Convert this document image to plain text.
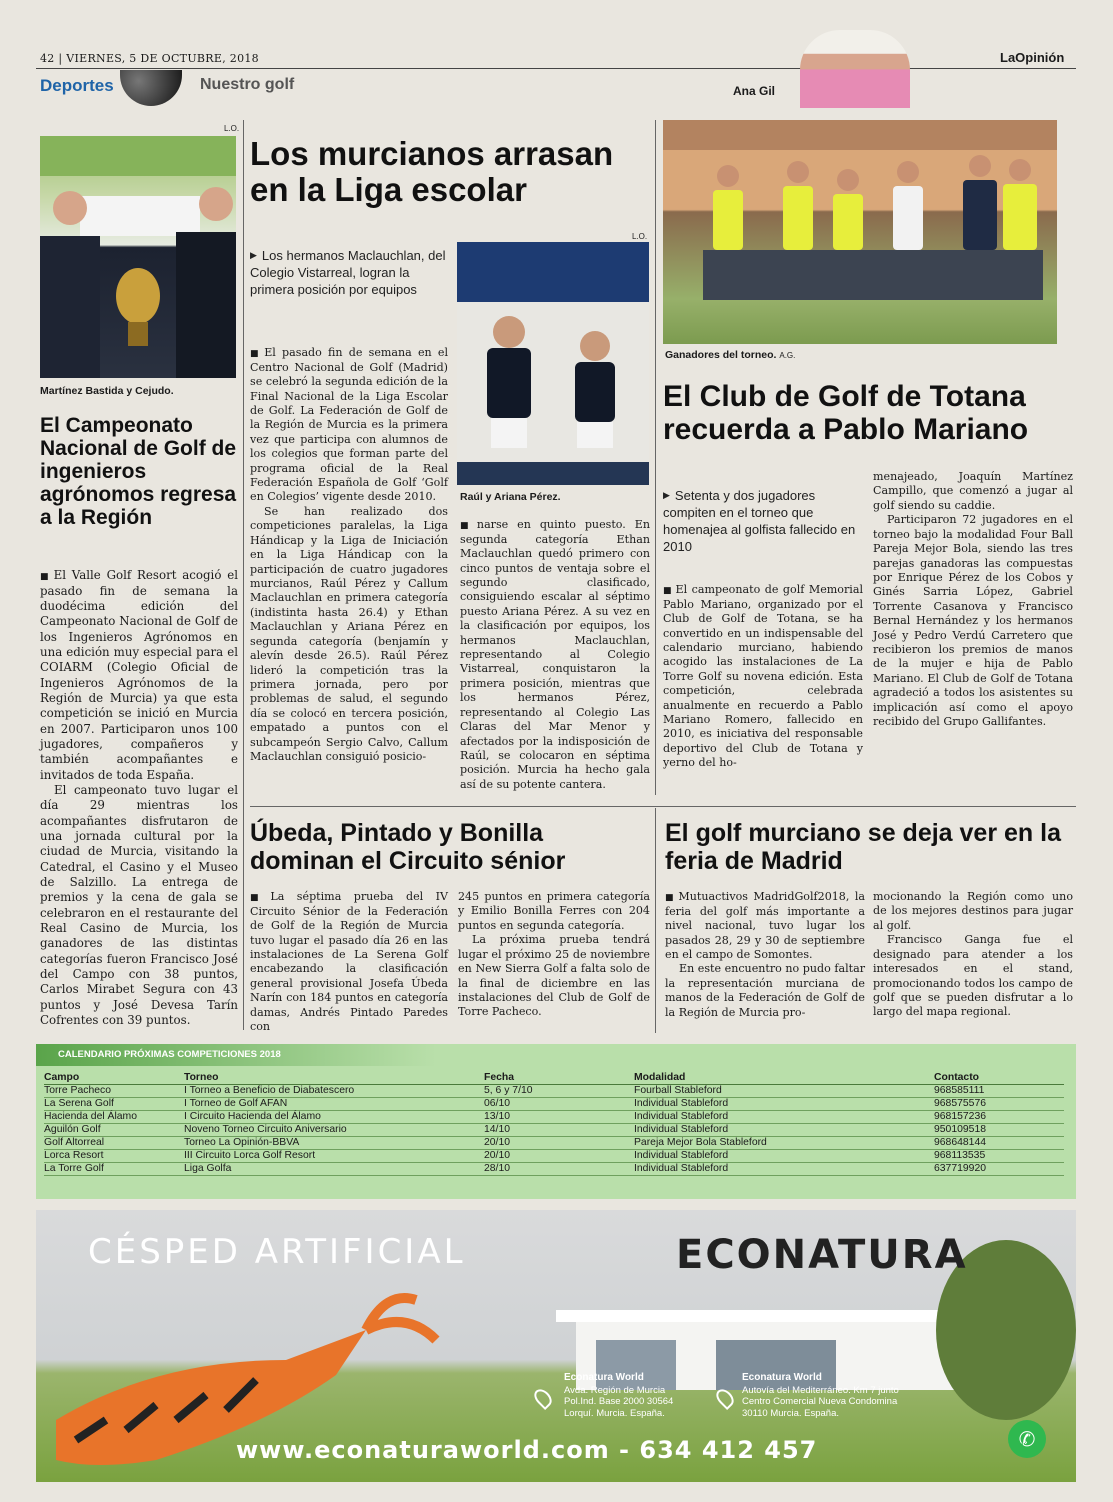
42 | VIERNES, 5 DE OCTUBRE, 2018	LaOpinión
Deportes	Nuestro golf	Ana Gil
L.O.
Martínez Bastida y Cejudo.
El Campeonato Nacional de Golf de ingenieros agrónomos regresa a la Región

■ El Valle Golf Resort acogió el pasado fin de semana la duodécima edición del Campeonato Nacional de Golf de los Ingenieros Agrónomos en una edición muy especial para el COIARM (Colegio Oficial de Ingenieros Agrónomos de la Región de Murcia) ya que esta competición se inició en Murcia en 2007. Participaron unos 100 jugadores, compañeros y también acompañantes e invitados de toda España.

El campeonato tuvo lugar el día 29 mientras los acompañantes disfrutaron de una jornada cultural por la ciudad de Murcia, visitando la Catedral, el Casino y el Museo de Salzillo. La entrega de premios y la cena de gala se celebraron en el restaurante del Real Casino de Murcia, los ganadores de las distintas categorías fueron Francisco José del Campo con 38 puntos, Carlos Mirabet Segura con 43 puntos y José Devesa Tarín Cofrentes con 39 puntos.

Los murcianos arrasan en la Liga escolar
▶ Los hermanos Maclauchlan, del Colegio Vistarreal, logran la primera posición por equipos
L.O.
Raúl y Ariana Pérez.

■ El pasado fin de semana en el Centro Nacional de Golf (Madrid) se celebró la segunda edición de la Final Nacional de la Liga Escolar de Golf. La Federación de Golf de la Región de Murcia es la primera vez que participa con alumnos de los colegios que forman parte del programa oficial de la Real Federación Española de Golf ‘Golf en Colegios’ vigente desde 2010.

Se han realizado dos competiciones paralelas, la Liga Hándicap y la Liga de Iniciación en la Liga Hándicap con la participación de cuatro jugadores murcianos, Raúl Pérez y Callum Maclauchlan en primera categoría (indistinta hasta 26.4) y Ethan Maclauchlan y Ariana Pérez en segunda categoría (benjamín y alevín desde 26.5). Raúl Pérez lideró la competición tras la primera jornada, pero por problemas de salud, el segundo día se colocó en tercera posición, empatado a puntos con el subcampeón Sergio Calvo, Callum Maclauchlan consiguió posicio-

■ narse en quinto puesto. En segunda categoría Ethan Maclauchlan quedó primero con cinco puntos de ventaja sobre el segundo clasificado, consiguiendo escalar al séptimo puesto Ariana Pérez. A su vez en la clasificación por equipos, los hermanos Maclauchlan, representando al Colegio Vistarreal, conquistaron la primera posición, mientras que los hermanos Pérez, representando al Colegio Las Claras del Mar Menor y afectados por la indisposición de Raúl, se colocaron en séptima posición. Murcia ha hecho gala así de su potente cantera.

Ganadores del torneo. A.G.
El Club de Golf de Totana recuerda a Pablo Mariano
▶ Setenta y dos jugadores compiten en el torneo que homenajea al golfista fallecido en 2010

■ El campeonato de golf Memorial Pablo Mariano, organizado por el Club de Golf de Totana, se ha convertido en un indispensable del calendario murciano, habiendo acogido las instalaciones de La Torre Golf su novena edición. Esta competición, celebrada anualmente en recuerdo a Pablo Mariano Romero, fallecido en 2010, es iniciativa del responsable deportivo del Club de Totana y yerno del ho-

menajeado, Joaquín Martínez Campillo, que comenzó a jugar al golf siendo su caddie.

Participaron 72 jugadores en el torneo bajo la modalidad Four Ball Pareja Mejor Bola, siendo las tres parejas ganadoras las compuestas por Enrique Pérez de los Cobos y Ginés Sarria López, Gabriel Torrente Casanova y Francisco Bernal Hernández y los hermanos José y Pedro Verdú Carretero que recibieron los premios de manos de la mujer e hija de Pablo Mariano. El Club de Golf de Totana agradeció a todos los asistentes su implicación así como el apoyo recibido del Grupo Gallifantes.

Úbeda, Pintado y Bonilla dominan el Circuito sénior

■ La séptima prueba del IV Circuito Sénior de la Federación de Golf de la Región de Murcia tuvo lugar el pasado día 26 en las instalaciones de La Serena Golf encabezando la clasificación general provisional Josefa Úbeda Narín con 184 puntos en categoría damas, Andrés Pintado Paredes con

245 puntos en primera categoría y Emilio Bonilla Ferres con 204 puntos en segunda categoría.

La próxima prueba tendrá lugar el próximo 25 de noviembre en New Sierra Golf a falta solo de la final de diciembre en las instalaciones del Club de Golf de Torre Pacheco.

El golf murciano se deja ver en la feria de Madrid

■ Mutuactivos MadridGolf2018, la feria del golf más importante a nivel nacional, tuvo lugar los pasados 28, 29 y 30 de septiembre en el campo de Somontes.

En este encuentro no pudo faltar la representación murciana de manos de la Federación de Golf de la Región de Murcia pro-

mocionando la Región como uno de los mejores destinos para jugar al golf.

Francisco Ganga fue el designado para atender a los interesados en el stand, promocionando todos los campo de golf que se pueden disfrutar a lo largo del mapa regional.

CALENDARIO PRÓXIMAS COMPETICIONES 2018
Campo	Torneo	Fecha	Modalidad	Contacto
Torre Pacheco	I Torneo a Beneficio de Diabatescero	5, 6 y 7/10	Fourball Stableford	968585111
La Serena Golf	I Torneo de Golf AFAN	06/10	Individual Stableford	968575576
Hacienda del Álamo	I Circuito Hacienda del Álamo	13/10	Individual Stableford	968157236
Aguilón Golf	Noveno Torneo Circuito Aniversario	14/10	Individual Stableford	950109518
Golf Altorreal	Torneo La Opinión-BBVA	20/10	Pareja Mejor Bola Stableford	968648144
Lorca Resort	III Circuito Lorca Golf Resort	20/10	Individual Stableford	968113535
La Torre Golf	Liga Golfa	28/10	Individual Stableford	637719920
CÉSPED ARTIFICIAL	ECONATURA
Econatura World
Avda. Región de Murcia
Pol.Ind. Base 2000 30564
Lorquí. Murcia. España.
Econatura World
Autovía del Mediterráneo. Km 7 junto
Centro Comercial Nueva Condomina
30110 Murcia. España.
www.econaturaworld.com - 634 412 457	✆
